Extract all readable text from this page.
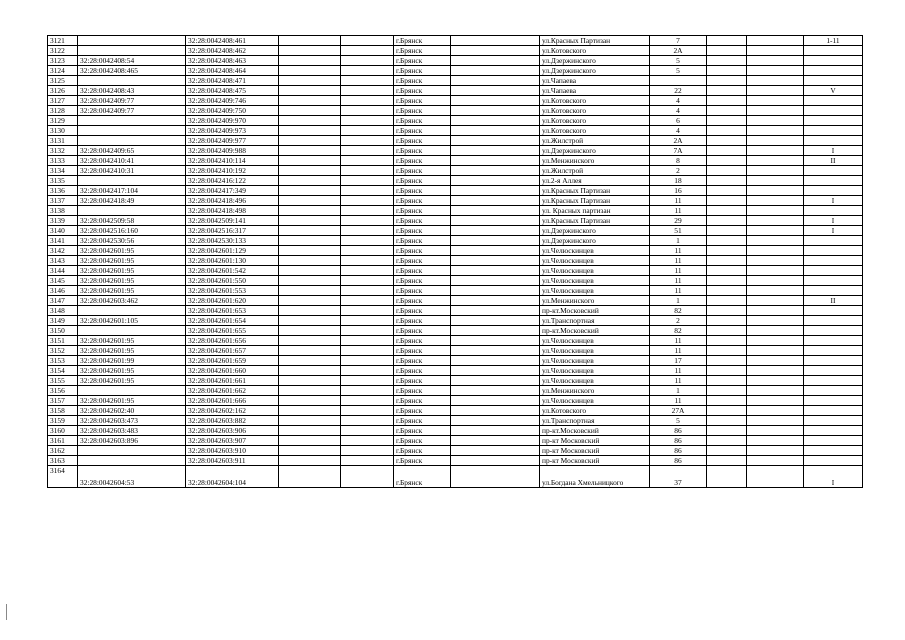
3121		32:28:0042408:461			г.Брянск		ул.Красных Партизан	7			1-11
3122		32:28:0042408:462			г.Брянск		ул.Котовского	2А			
3123	32:28:0042408:54	32:28:0042408:463			г.Брянск		ул.Дзержинского	5			
3124	32:28:0042408:465	32:28:0042408:464			г.Брянск		ул.Дзержинского	5			
3125		32:28:0042408:471			г.Брянск		ул.Чапаева				
3126	32:28:0042408:43	32:28:0042408:475			г.Брянск		ул.Чапаева	22			V
3127	32:28:0042409:77	32:28:0042409:746			г.Брянск		ул.Котовского	4			
3128	32:28:0042409:77	32:28:0042409:750			г.Брянск		ул.Котовского	4			
3129		32:28:0042409:970			г.Брянск		ул.Котовского	6			
3130		32:28:0042409:973			г.Брянск		ул.Котовского	4			
3131		32:28:0042409:977			г.Брянск		ул.Жилстрой	2А			
3132	32:28:0042409:65	32:28:0042409:988			г.Брянск		ул.Дзержинского	7А			I
3133	32:28:0042410:41	32:28:0042410:114			г.Брянск		ул.Менжинского	8			II
3134	32:28:0042410:31	32:28:0042410:192			г.Брянск		ул.Жилстрой	2			
3135		32:28:0042416:122			г.Брянск		ул.2-я Аллея	18			
3136	32:28:0042417:104	32:28:0042417:349			г.Брянск		ул.Красных Партизан	16			
3137	32:28:0042418:49	32:28:0042418:496			г.Брянск		ул.Красных Партизан	11			I
3138		32:28:0042418:498			г.Брянск		ул. Красных партизан	11			
3139	32:28:0042509:58	32:28:0042509:141			г.Брянск		ул.Красных Партизан	29			I
3140	32:28:0042516:160	32:28:0042516:317			г.Брянск		ул.Дзержинского	51			I
3141	32:28:0042530:56	32:28:0042530:133			г.Брянск		ул.Дзержинского	1			
3142	32:28:0042601:95	32:28:0042601:129			г.Брянск		ул.Челюскинцев	11			
3143	32:28:0042601:95	32:28:0042601:130			г.Брянск		ул.Челюскинцев	11			
3144	32:28:0042601:95	32:28:0042601:542			г.Брянск		ул.Челюскинцев	11			
3145	32:28:0042601:95	32:28:0042601:550			г.Брянск		ул.Челюскинцев	11			
3146	32:28:0042601:95	32:28:0042601:553			г.Брянск		ул.Челюскинцев	11			
3147	32:28:0042603:462	32:28:0042601:620			г.Брянск		ул.Менжинского	1			II
3148		32:28:0042601:653			г.Брянск		пр-кт.Московский	82			
3149	32:28:0042601:105	32:28:0042601:654			г.Брянск		ул.Транспортная	2			
3150		32:28:0042601:655			г.Брянск		пр-кт.Московский	82			
3151	32:28:0042601:95	32:28:0042601:656			г.Брянск		ул.Челюскинцев	11			
3152	32:28:0042601:95	32:28:0042601:657			г.Брянск		ул.Челюскинцев	11			
3153	32:28:0042601:99	32:28:0042601:659			г.Брянск		ул.Челюскинцев	17			
3154	32:28:0042601:95	32:28:0042601:660			г.Брянск		ул.Челюскинцев	11			
3155	32:28:0042601:95	32:28:0042601:661			г.Брянск		ул.Челюскинцев	11			
3156		32:28:0042601:662			г.Брянск		ул.Менжинского	1			
3157	32:28:0042601:95	32:28:0042601:666			г.Брянск		ул.Челюскинцев	11			
3158	32:28:0042602:40	32:28:0042602:162			г.Брянск		ул.Котовского	27А			
3159	32:28:0042603:473	32:28:0042603:882			г.Брянск		ул.Транспортная	5			
3160	32:28:0042603:483	32:28:0042603:906			г.Брянск		пр-кт.Московский	86			
3161	32:28:0042603:896	32:28:0042603:907			г.Брянск		пр-кт Московский	86			
3162		32:28:0042603:910			г.Брянск		пр-кт Московский	86			
3163		32:28:0042603:911			г.Брянск		пр-кт Московский	86			
3164	32:28:0042604:53	32:28:0042604:104			г.Брянск		ул.Богдана Хмельницкого	37			I
